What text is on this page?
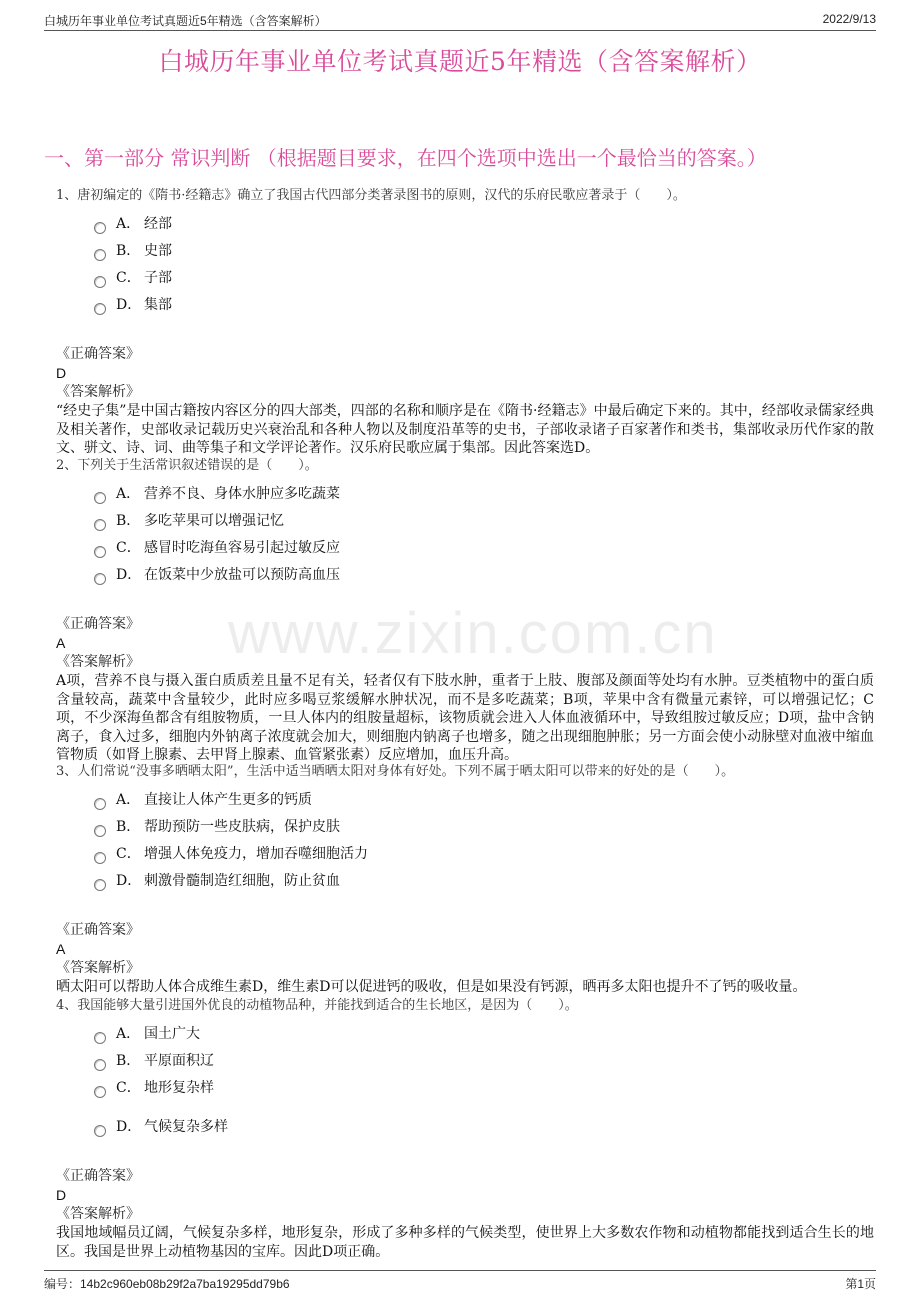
白城历年事业单位考试真题近5年精选（含答案解析）	2022/9/13
白城历年事业单位考试真题近5年精选（含答案解析）
一、第一部分 常识判断 （根据题目要求，在四个选项中选出一个最恰当的答案。）
www.zixin.com.cn
1、唐初编定的《隋书·经籍志》确立了我国古代四部分类著录图书的原则，汉代的乐府民歌应著录于（　　）。
A． 经部
B． 史部
C． 子部
D． 集部
《正确答案》
D
《答案解析》
“经史子集”是中国古籍按内容区分的四大部类，四部的名称和顺序是在《隋书·经籍志》中最后确定下来的。其中，经部收录儒家经典及相关著作，史部收录记载历史兴衰治乱和各种人物以及制度沿革等的史书，子部收录诸子百家著作和类书，集部收录历代作家的散文、骈文、诗、词、曲等集子和文学评论著作。汉乐府民歌应属于集部。因此答案选D。
2、下列关于生活常识叙述错误的是（　　）。
A． 营养不良、身体水肿应多吃蔬菜
B． 多吃苹果可以增强记忆
C． 感冒时吃海鱼容易引起过敏反应
D． 在饭菜中少放盐可以预防高血压
《正确答案》
A
《答案解析》
A项，营养不良与摄入蛋白质质差且量不足有关，轻者仅有下肢水肿，重者于上肢、腹部及颜面等处均有水肿。豆类植物中的蛋白质含量较高，蔬菜中含量较少，此时应多喝豆浆缓解水肿状况，而不是多吃蔬菜；B项，苹果中含有微量元素锌，可以增强记忆；C项，不少深海鱼都含有组胺物质，一旦人体内的组胺量超标，该物质就会进入人体血液循环中，导致组胺过敏反应；D项，盐中含钠离子，食入过多，细胞内外钠离子浓度就会加大，则细胞内钠离子也增多，随之出现细胞肿胀；另一方面会使小动脉壁对血液中缩血管物质（如肾上腺素、去甲肾上腺素、血管紧张素）反应增加，血压升高。
3、人们常说“没事多晒晒太阳”，生活中适当晒晒太阳对身体有好处。下列不属于晒太阳可以带来的好处的是（　　）。
A． 直接让人体产生更多的钙质
B． 帮助预防一些皮肤病，保护皮肤
C． 增强人体免疫力，增加吞噬细胞活力
D． 刺激骨髓制造红细胞，防止贫血
《正确答案》
A
《答案解析》
晒太阳可以帮助人体合成维生素D，维生素D可以促进钙的吸收，但是如果没有钙源，晒再多太阳也提升不了钙的吸收量。
4、我国能够大量引进国外优良的动植物品种，并能找到适合的生长地区，是因为（　　）。
A． 国土广大
B． 平原面积辽
C． 地形复杂样
D． 气候复杂多样
《正确答案》
D
《答案解析》
我国地域幅员辽阔，气候复杂多样，地形复杂，形成了多种多样的气候类型，使世界上大多数农作物和动植物都能找到适合生长的地区。我国是世界上动植物基因的宝库。因此D项正确。
编号：14b2c960eb08b29f2a7ba19295dd79b6	第1页
